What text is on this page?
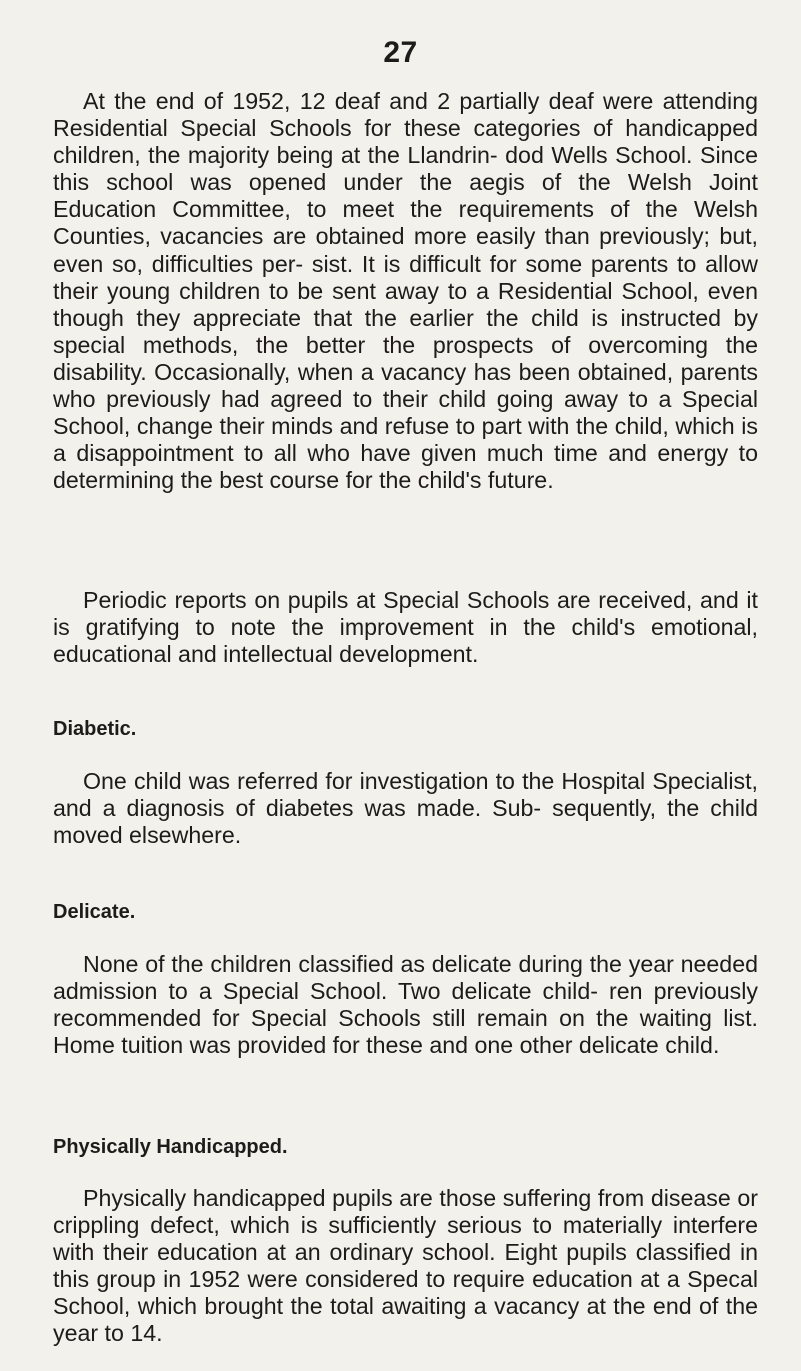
27

At the end of 1952, 12 deaf and 2 partially deaf were attending Residential Special Schools for these categories of handicapped children, the majority being at the Llandrin- dod Wells School. Since this school was opened under the aegis of the Welsh Joint Education Committee, to meet the requirements of the Welsh Counties, vacancies are obtained more easily than previously; but, even so, difficulties per- sist. It is difficult for some parents to allow their young children to be sent away to a Residential School, even though they appreciate that the earlier the child is instructed by special methods, the better the prospects of overcoming the disability. Occasionally, when a vacancy has been obtained, parents who previously had agreed to their child going away to a Special School, change their minds and refuse to part with the child, which is a disappointment to all who have given much time and energy to determining the best course for the child's future.

Periodic reports on pupils at Special Schools are received, and it is gratifying to note the improvement in the child's emotional, educational and intellectual development.

Diabetic.

One child was referred for investigation to the Hospital Specialist, and a diagnosis of diabetes was made. Sub- sequently, the child moved elsewhere.

Delicate.

None of the children classified as delicate during the year needed admission to a Special School. Two delicate child- ren previously recommended for Special Schools still remain on the waiting list. Home tuition was provided for these and one other delicate child.

Physically Handicapped.

Physically handicapped pupils are those suffering from disease or crippling defect, which is sufficiently serious to materially interfere with their education at an ordinary school. Eight pupils classified in this group in 1952 were considered to require education at a Specal School, which brought the total awaiting a vacancy at the end of the year to 14.
